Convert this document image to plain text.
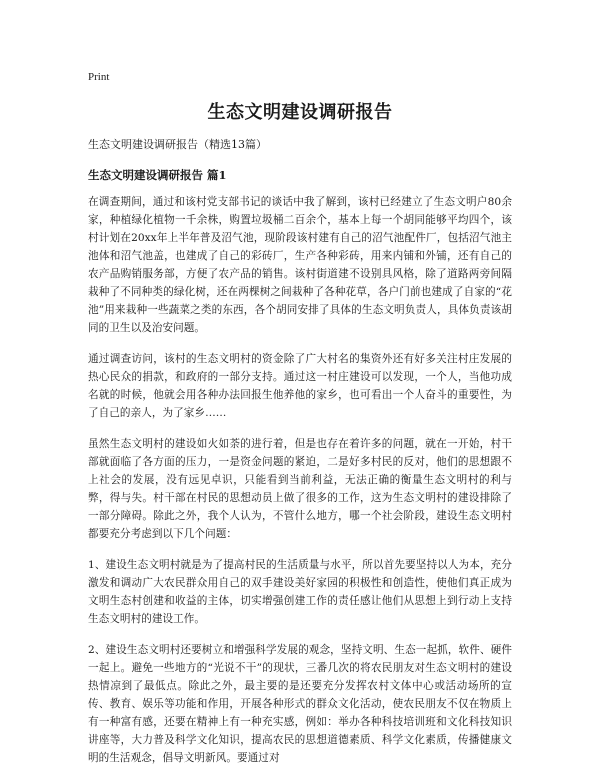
Print

生态文明建设调研报告

生态文明建设调研报告（精选13篇）

生态文明建设调研报告 篇1

在调查期间，通过和该村党支部书记的谈话中我了解到，该村已经建立了生态文明户80余家，种植绿化植物一千余株，购置垃圾桶二百余个，基本上每一个胡同能够平均四个，该村计划在20xx年上半年普及沼气池，现阶段该村建有自己的沼气池配件厂，包括沼气池主池体和沼气池盖，也建成了自己的彩砖厂，生产各种彩砖，用来内铺和外铺，还有自己的农产品购销服务部，方便了农产品的销售。该村街道建不设别具风格，除了道路两旁间隔栽种了不同种类的绿化树，还在两棵树之间栽种了各种花草，各户门前也建成了自家的“花池”用来栽种一些蔬菜之类的东西，各个胡同安排了具体的生态文明负责人，具体负责该胡同的卫生以及治安问题。

通过调查访问，该村的生态文明村的资金除了广大村名的集资外还有好多关注村庄发展的热心民众的捐款，和政府的一部分支持。通过这一村庄建设可以发现，一个人，当他功成名就的时候，他就会用各种办法回报生他养他的家乡，也可看出一个人奋斗的重要性，为了自己的亲人，为了家乡……

虽然生态文明村的建设如火如荼的进行着，但是也存在着许多的问题，就在一开始，村干部就面临了各方面的压力，一是资金问题的紧迫，二是好多村民的反对，他们的思想跟不上社会的发展，没有远见卓识，只能看到当前利益，无法正确的衡量生态文明村的利与弊，得与失。村干部在村民的思想动员上做了很多的工作，这为生态文明村的建设排除了一部分障碍。除此之外，我个人认为，不管什么地方，哪一个社会阶段，建设生态文明村都要充分考虑到以下几个问题：

1、建设生态文明村就是为了提高村民的生活质量与水平，所以首先要坚持以人为本，充分激发和调动广大农民群众用自己的双手建设美好家园的积极性和创造性，使他们真正成为文明生态村创建和收益的主体，切实增强创建工作的责任感让他们从思想上到行动上支持生态文明村的建设工作。

2、建设生态文明村还要树立和增强科学发展的观念，坚持文明、生态一起抓，软件、硬件一起上。避免一些地方的“光说不干”的现状，三番几次的将农民朋友对生态文明村的建设热情凉到了最低点。除此之外，最主要的是还要充分发挥农村文体中心或活动场所的宣传、教育、娱乐等功能和作用，开展各种形式的群众文化活动，使农民朋友不仅在物质上有一种富有感，还要在精神上有一种充实感，例如：举办各种科技培训班和文化科技知识讲座等，大力普及科学文化知识，提高农民的思想道德素质、科学文化素质，传播健康文明的生活观念，倡导文明新风。要通过对
